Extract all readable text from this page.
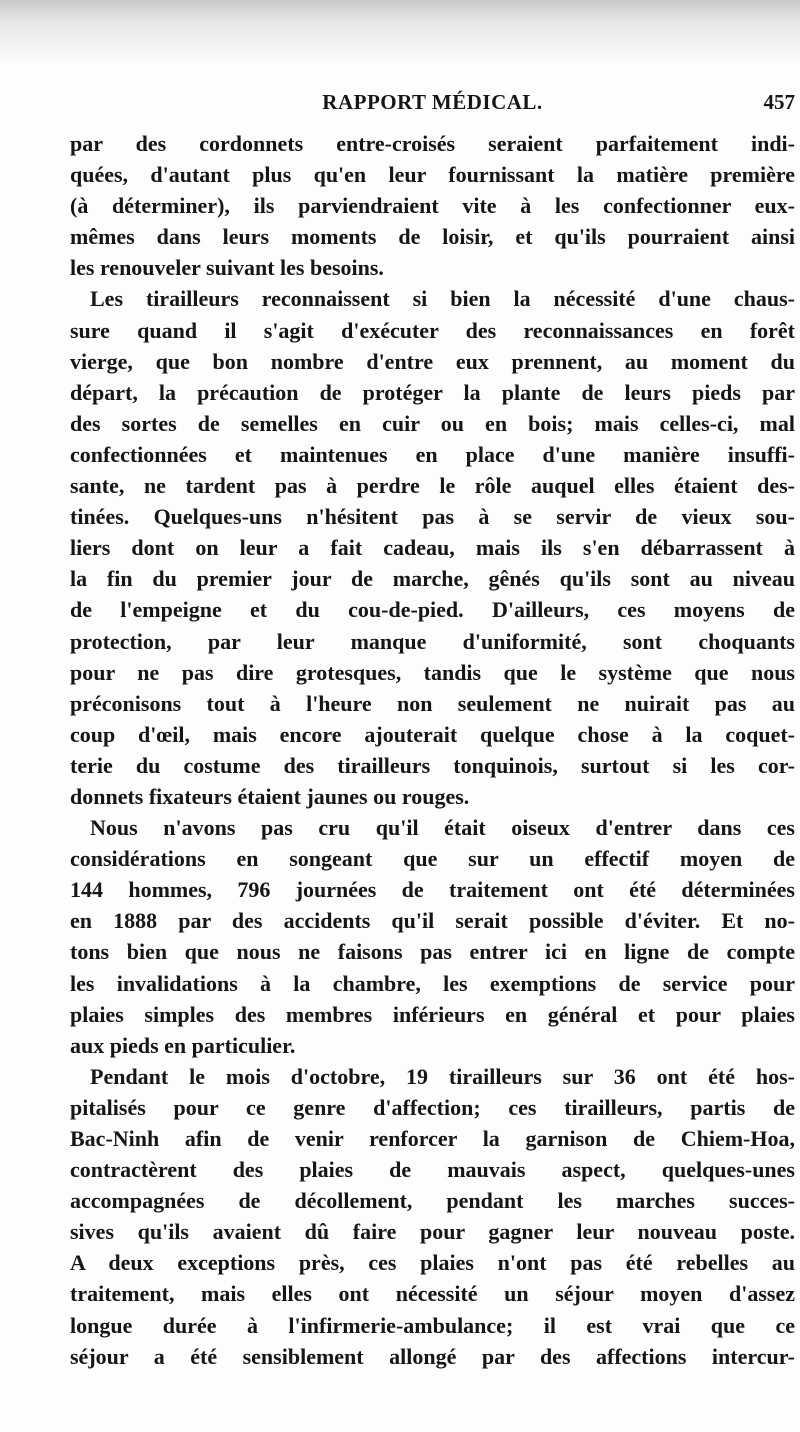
RAPPORT MÉDICAL.	457
par des cordonnets entre-croisés seraient parfaitement indi-
quées, d'autant plus qu'en leur fournissant la matière première
(à déterminer), ils parviendraient vite à les confectionner eux-
mêmes dans leurs moments de loisir, et qu'ils pourraient ainsi
les renouveler suivant les besoins.
Les tirailleurs reconnaissent si bien la nécessité d'une chaus-
sure quand il s'agit d'exécuter des reconnaissances en forêt
vierge, que bon nombre d'entre eux prennent, au moment du
départ, la précaution de protéger la plante de leurs pieds par
des sortes de semelles en cuir ou en bois; mais celles-ci, mal
confectionnées et maintenues en place d'une manière insuffi-
sante, ne tardent pas à perdre le rôle auquel elles étaient des-
tinées. Quelques-uns n'hésitent pas à se servir de vieux sou-
liers dont on leur a fait cadeau, mais ils s'en débarrassent à
la fin du premier jour de marche, gênés qu'ils sont au niveau
de l'empeigne et du cou-de-pied. D'ailleurs, ces moyens de
protection, par leur manque d'uniformité, sont choquants
pour ne pas dire grotesques, tandis que le système que nous
préconisons tout à l'heure non seulement ne nuirait pas au
coup d'œil, mais encore ajouterait quelque chose à la coquet-
terie du costume des tirailleurs tonquinois, surtout si les cor-
donnets fixateurs étaient jaunes ou rouges.
Nous n'avons pas cru qu'il était oiseux d'entrer dans ces
considérations en songeant que sur un effectif moyen de
144 hommes, 796 journées de traitement ont été déterminées
en 1888 par des accidents qu'il serait possible d'éviter. Et no-
tons bien que nous ne faisons pas entrer ici en ligne de compte
les invalidations à la chambre, les exemptions de service pour
plaies simples des membres inférieurs en général et pour plaies
aux pieds en particulier.
Pendant le mois d'octobre, 19 tirailleurs sur 36 ont été hos-
pitalisés pour ce genre d'affection; ces tirailleurs, partis de
Bac-Ninh afin de venir renforcer la garnison de Chiem-Hoa,
contractèrent des plaies de mauvais aspect, quelques-unes
accompagnées de décollement, pendant les marches succes-
sives qu'ils avaient dû faire pour gagner leur nouveau poste.
A deux exceptions près, ces plaies n'ont pas été rebelles au
traitement, mais elles ont nécessité un séjour moyen d'assez
longue durée à l'infirmerie-ambulance; il est vrai que ce
séjour a été sensiblement allongé par des affections intercur-
